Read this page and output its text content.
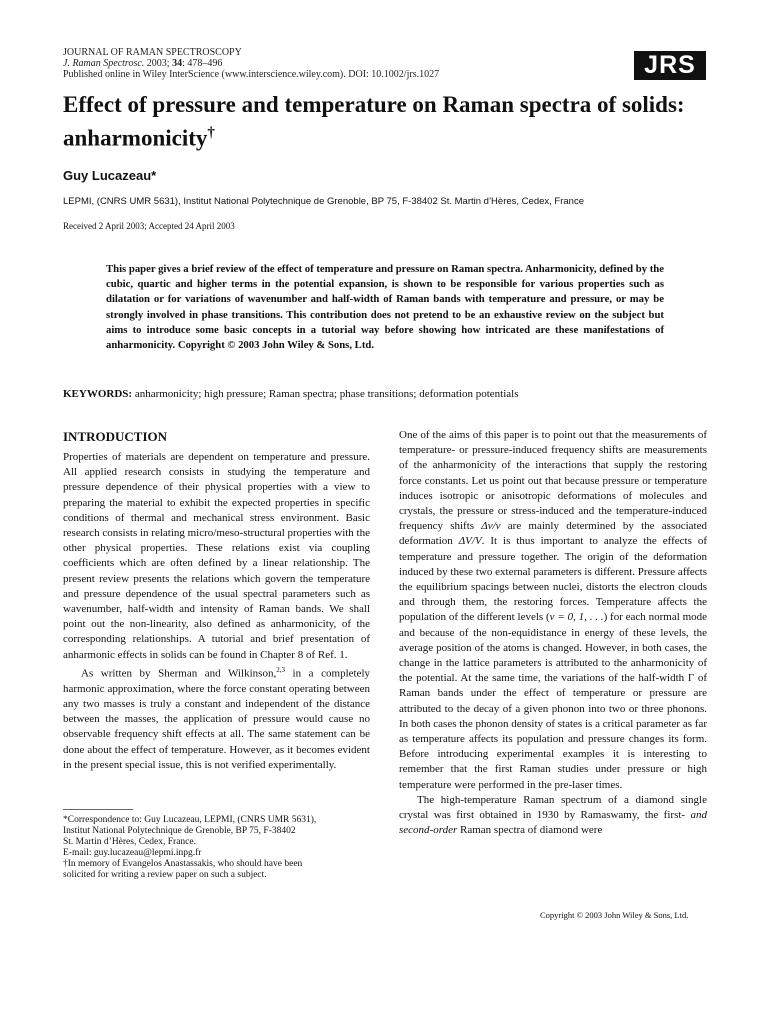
JOURNAL OF RAMAN SPECTROSCOPY
J. Raman Spectrosc. 2003; 34: 478–496
Published online in Wiley InterScience (www.interscience.wiley.com). DOI: 10.1002/jrs.1027	JRS
Effect of pressure and temperature on Raman spectra of solids: anharmonicity†
Guy Lucazeau*
LEPMI, (CNRS UMR 5631), Institut National Polytechnique de Grenoble, BP 75, F-38402 St. Martin d’Hères, Cedex, France
Received 2 April 2003; Accepted 24 April 2003
This paper gives a brief review of the effect of temperature and pressure on Raman spectra. Anharmonicity, defined by the cubic, quartic and higher terms in the potential expansion, is shown to be responsible for various properties such as dilatation or for variations of wavenumber and half-width of Raman bands with temperature and pressure, or may be strongly involved in phase transitions. This contribution does not pretend to be an exhaustive review on the subject but aims to introduce some basic concepts in a tutorial way before showing how intricated are these manifestations of anharmonicity. Copyright © 2003 John Wiley & Sons, Ltd.
KEYWORDS: anharmonicity; high pressure; Raman spectra; phase transitions; deformation potentials
INTRODUCTION

Properties of materials are dependent on temperature and pressure. All applied research consists in studying the temperature and pressure dependence of their physical properties with a view to preparing the material to exhibit the expected properties in specific conditions of thermal and mechanical stress environment. Basic research consists in relating micro/meso-structural properties with the other physical properties. These relations exist via coupling coefficients which are often defined by a linear relationship. The present review presents the relations which govern the temperature and pressure dependence of the usual spectral parameters such as wavenumber, half-width and intensity of Raman bands. We shall point out the non-linearity, also defined as anharmonicity, of the corresponding relationships. A tutorial and brief presentation of anharmonic effects in solids can be found in Chapter 8 of Ref. 1.

As written by Sherman and Wilkinson,$^{2,3}$ in a completely harmonic approximation, where the force constant operating between any two masses is truly a constant and independent of the distance between the masses, the application of pressure would cause no observable frequency shift effects at all. The same statement can be done about the effect of temperature. However, as it becomes evident in the present special issue, this is not verified experimentally.

One of the aims of this paper is to point out that the measurements of temperature- or pressure-induced frequency shifts are measurements of the anharmonicity of the interactions that supply the restoring force constants. Let us point out that because pressure or temperature induces isotropic or anisotropic deformations of molecules and crystals, the pressure or stress-induced and the temperature-induced frequency shifts Δν/ν are mainly determined by the associated deformation ΔV/V. It is thus important to analyze the effects of temperature and pressure together. The origin of the deformation induced by these two external parameters is different. Pressure affects the equilibrium spacings between nuclei, distorts the electron clouds and through them, the restoring forces. Temperature affects the population of the different levels (v = 0, 1, . . .) for each normal mode and because of the non-equidistance in energy of these levels, the average position of the atoms is changed. However, in both cases, the change in the lattice parameters is attributed to the anharmonicity of the potential. At the same time, the variations of the half-width Γ of Raman bands under the effect of temperature or pressure are attributed to the decay of a given phonon into two or three phonons. In both cases the phonon density of states is a critical parameter as far as temperature affects its population and pressure changes its form. Before introducing experimental examples it is interesting to remember that the first Raman studies under pressure or high temperature were performed in the pre-laser times.

The high-temperature Raman spectrum of a diamond single crystal was first obtained in 1930 by Ramaswamy, the first- and second-order Raman spectra of diamond were

*Correspondence to: Guy Lucazeau, LEPMI, (CNRS UMR 5631),
Institut National Polytechnique de Grenoble, BP 75, F-38402
St. Martin d’Hères, Cedex, France.
E-mail: guy.lucazeau@lepmi.inpg.fr
†In memory of Evangelos Anastassakis, who should have been
solicited for writing a review paper on such a subject.
Copyright © 2003 John Wiley & Sons, Ltd.
